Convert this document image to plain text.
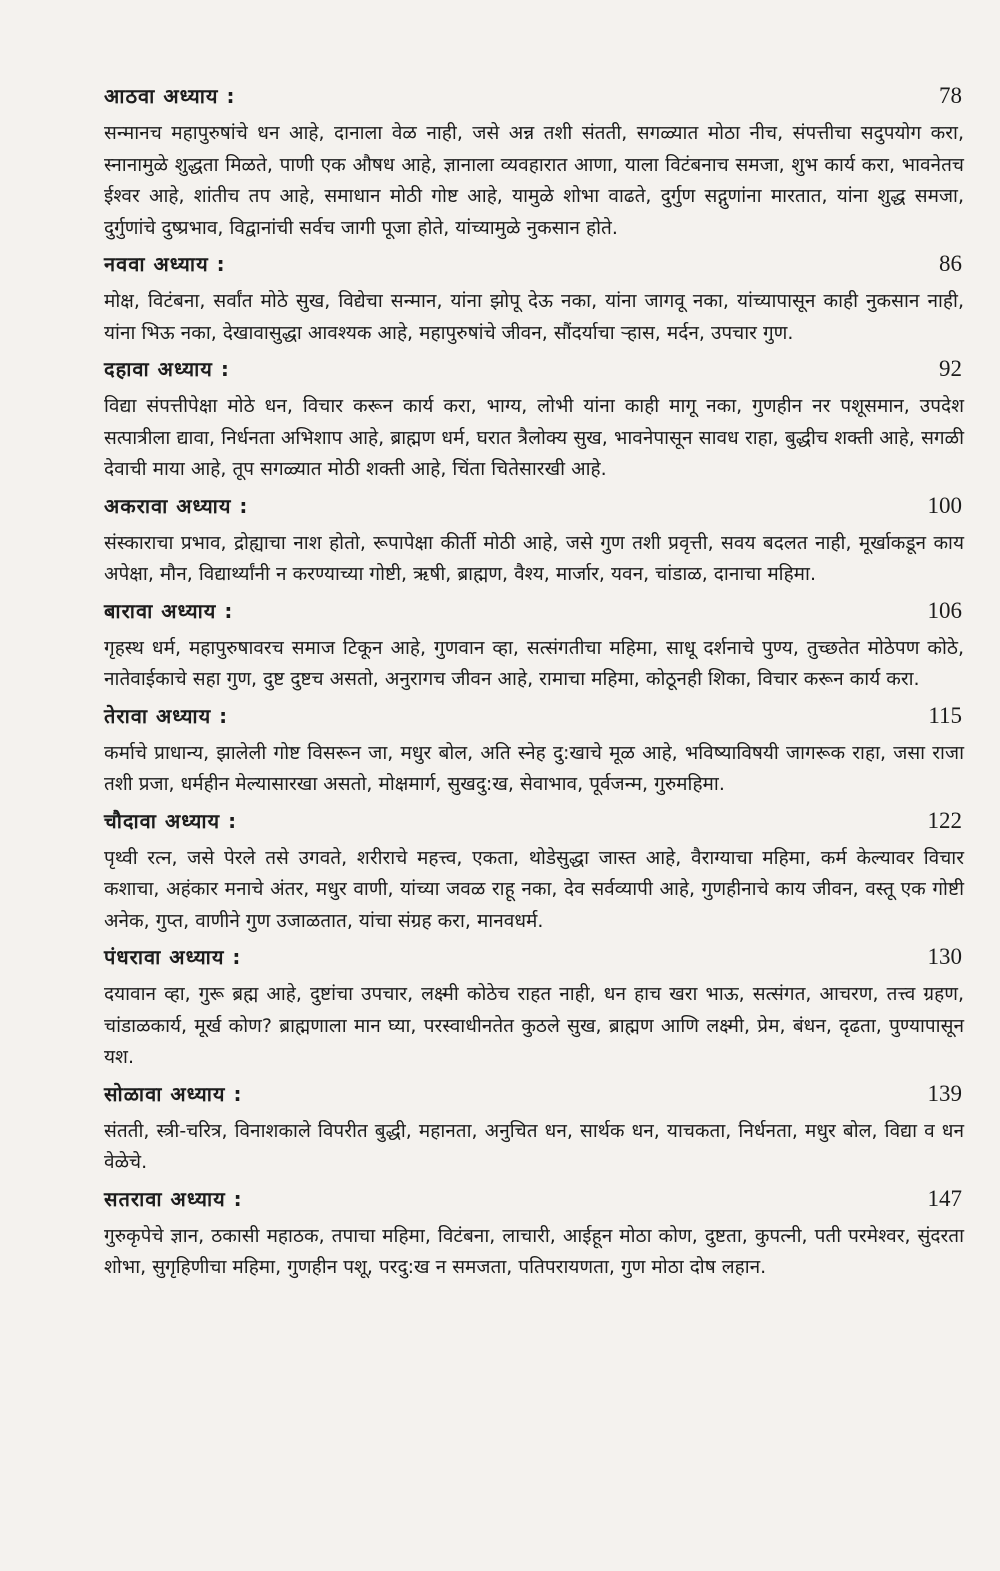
आठवा अध्याय :	78

सन्मानच महापुरुषांचे धन आहे, दानाला वेळ नाही, जसे अन्न तशी संतती, सगळ्यात मोठा नीच, संपत्तीचा सदुपयोग करा, स्नानामुळे शुद्धता मिळते, पाणी एक औषध आहे, ज्ञानाला व्यवहारात आणा, याला विटंबनाच समजा, शुभ कार्य करा, भावनेतच ईश्वर आहे, शांतीच तप आहे, समाधान मोठी गोष्ट आहे, यामुळे शोभा वाढते, दुर्गुण सद्गुणांना मारतात, यांना शुद्ध समजा, दुर्गुणांचे दुष्प्रभाव, विद्वानांची सर्वच जागी पूजा होते, यांच्यामुळे नुकसान होते.

नववा अध्याय :	86

मोक्ष, विटंबना, सर्वांत मोठे सुख, विद्येचा सन्मान, यांना झोपू देऊ नका, यांना जागवू नका, यांच्यापासून काही नुकसान नाही, यांना भिऊ नका, देखावासुद्धा आवश्यक आहे, महापुरुषांचे जीवन, सौंदर्याचा ऱ्हास, मर्दन, उपचार गुण.

दहावा अध्याय :	92

विद्या संपत्तीपेक्षा मोठे धन, विचार करून कार्य करा, भाग्य, लोभी यांना काही मागू नका, गुणहीन नर पशूसमान, उपदेश सत्पात्रीला द्यावा, निर्धनता अभिशाप आहे, ब्राह्मण धर्म, घरात त्रैलोक्य सुख, भावनेपासून सावध राहा, बुद्धीच शक्ती आहे, सगळी देवाची माया आहे, तूप सगळ्यात मोठी शक्ती आहे, चिंता चितेसारखी आहे.

अकरावा अध्याय :	100

संस्काराचा प्रभाव, द्रोह्याचा नाश होतो, रूपापेक्षा कीर्ती मोठी आहे, जसे गुण तशी प्रवृत्ती, सवय बदलत नाही, मूर्खाकडून काय अपेक्षा, मौन, विद्यार्थ्यांनी न करण्याच्या गोष्टी, ऋषी, ब्राह्मण, वैश्य, मार्जार, यवन, चांडाळ, दानाचा महिमा.

बारावा अध्याय :	106

गृहस्थ धर्म, महापुरुषावरच समाज टिकून आहे, गुणवान व्हा, सत्संगतीचा महिमा, साधू दर्शनाचे पुण्य, तुच्छतेत मोठेपण कोठे, नातेवाईकाचे सहा गुण, दुष्ट दुष्टच असतो, अनुरागच जीवन आहे, रामाचा महिमा, कोठूनही शिका, विचार करून कार्य करा.

तेरावा अध्याय :	115

कर्माचे प्राधान्य, झालेली गोष्ट विसरून जा, मधुर बोल, अति स्नेह दु:खाचे मूळ आहे, भविष्याविषयी जागरूक राहा, जसा राजा तशी प्रजा, धर्महीन मेल्यासारखा असतो, मोक्षमार्ग, सुखदु:ख, सेवाभाव, पूर्वजन्म, गुरुमहिमा.

चौदावा अध्याय :	122

पृथ्वी रत्न, जसे पेरले तसे उगवते, शरीराचे महत्त्व, एकता, थोडेसुद्धा जास्त आहे, वैराग्याचा महिमा, कर्म केल्यावर विचार कशाचा, अहंकार मनाचे अंतर, मधुर वाणी, यांच्या जवळ राहू नका, देव सर्वव्यापी आहे, गुणहीनाचे काय जीवन, वस्तू एक गोष्टी अनेक, गुप्त, वाणीने गुण उजाळतात, यांचा संग्रह करा, मानवधर्म.

पंधरावा अध्याय :	130

दयावान व्हा, गुरू ब्रह्म आहे, दुष्टांचा उपचार, लक्ष्मी कोठेच राहत नाही, धन हाच खरा भाऊ, सत्संगत, आचरण, तत्त्व ग्रहण, चांडाळकार्य, मूर्ख कोण? ब्राह्मणाला मान घ्या, परस्वाधीनतेत कुठले सुख, ब्राह्मण आणि लक्ष्मी, प्रेम, बंधन, दृढता, पुण्यापासून यश.

सोळावा अध्याय :	139

संतती, स्त्री-चरित्र, विनाशकाले विपरीत बुद्धी, महानता, अनुचित धन, सार्थक धन, याचकता, निर्धनता, मधुर बोल, विद्या व धन वेळेचे.

सतरावा अध्याय :	147

गुरुकृपेचे ज्ञान, ठकासी महाठक, तपाचा महिमा, विटंबना, लाचारी, आईहून मोठा कोण, दुष्टता, कुपत्नी, पती परमेश्वर, सुंदरता शोभा, सुगृहिणीचा महिमा, गुणहीन पशू, परदु:ख न समजता, पतिपरायणता, गुण मोठा दोष लहान.
